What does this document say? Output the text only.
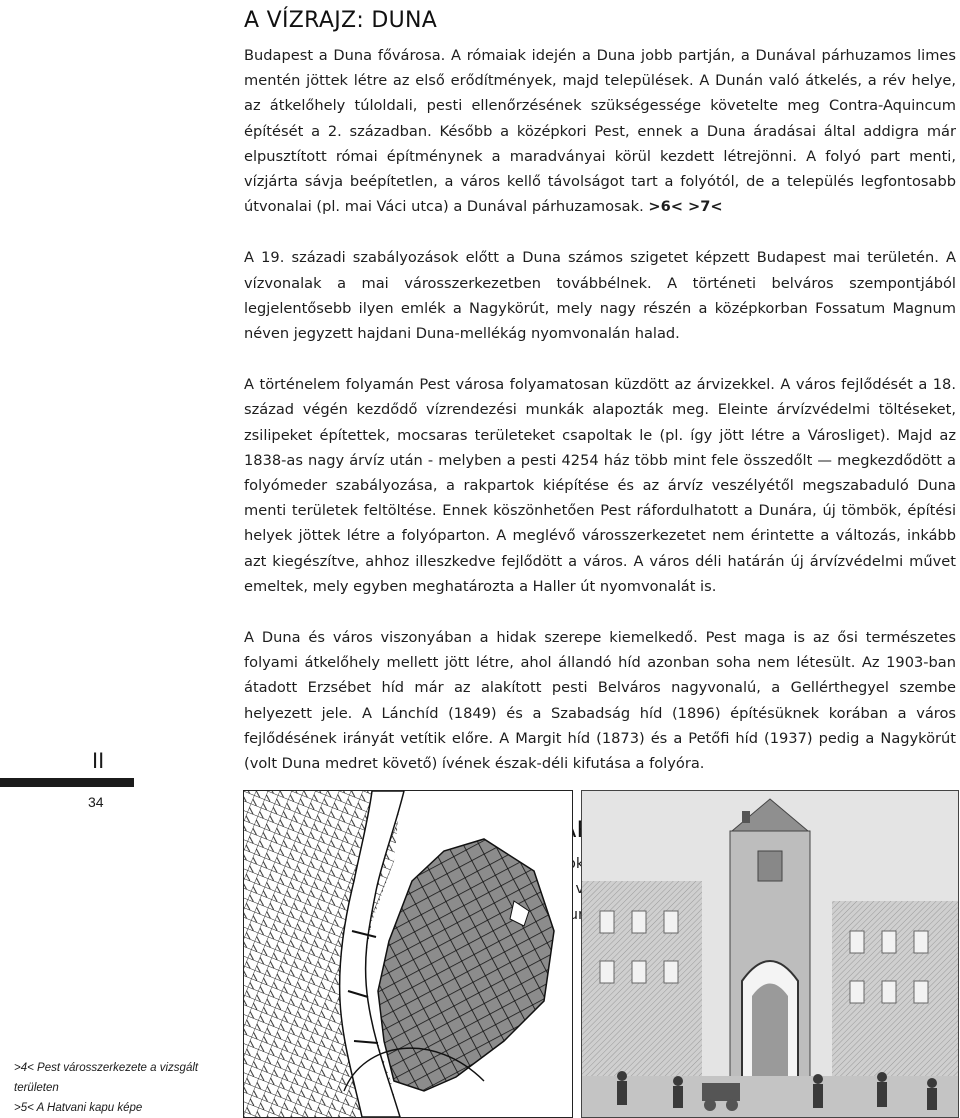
A VÍZRAJZ: DUNA

Budapest a Duna fővárosa. A rómaiak idején a Duna jobb partján, a Dunával párhuzamos limes mentén jöttek létre az első erődítmények, majd települések. A Dunán való átkelés, a rév helye, az átkelőhely túloldali, pesti ellenőrzésének szükségessége követelte meg Contra-Aquincum építését a 2. században. Később a középkori Pest, ennek a Duna áradásai által addigra már elpusztított római építménynek a maradványai körül kezdett létrejönni. A folyó part menti, vízjárta sávja beépítetlen, a város kellő távolságot tart a folyótól, de a település legfontosabb útvonalai (pl. mai Váci utca) a Dunával párhuzamosak. >6< >7<

A 19. századi szabályozások előtt a Duna számos szigetet képzett Budapest mai területén. A vízvonalak a mai városszerkezetben továbbélnek. A történeti belváros szempontjából legjelentősebb ilyen emlék a Nagykörút, mely nagy részén a középkorban Fossatum Magnum néven jegyzett hajdani Duna-mellékág nyomvonalán halad.

A történelem folyamán Pest városa folyamatosan küzdött az árvizekkel. A város fejlődését a 18. század végén kezdődő vízrendezési munkák alapozták meg. Eleinte árvízvédelmi töltéseket, zsilipeket építettek, mocsaras területeket csapoltak le (pl. így jött létre a Városliget). Majd az 1838-as nagy árvíz után - melyben a pesti 4254 ház több mint fele összedőlt — megkezdődött a folyómeder szabályozása, a rakpartok kiépítése és az árvíz veszélyétől megszabaduló Duna menti területek feltöltése. Ennek köszönhetően Pest ráfordulhatott a Dunára, új tömbök, építési helyek jöttek létre a folyóparton. A meglévő városszerkezetet nem érintette a változás, inkább azt kiegészítve, ahhoz illeszkedve fejlődött a város. A város déli határán új árvízvédelmi művet emeltek, mely egyben meghatározta a Haller út nyomvonalát is.

A Duna és város viszonyában a hidak szerepe kiemelkedő. Pest maga is az ősi természetes folyami átkelőhely mellett jött létre, ahol állandó híd azonban soha nem létesült. Az 1903-ban átadott Erzsébet híd már az alakított pesti Belváros nagyvonalú, a Gellérthegyel szembe helyezett jele. A Lánchíd (1849) és a Szabadság híd (1896) építésüknek korában a város fejlődésének irányát vetítik előre. A Margit híd (1873) és a Petőfi híd (1937) pedig a Nagykörút (volt Duna medret követő) ívének észak-déli kifutása a folyóra.

II
34
>4< Pest városszerkezete a vizsgált területen
>5< A Hatvani kapu képe
